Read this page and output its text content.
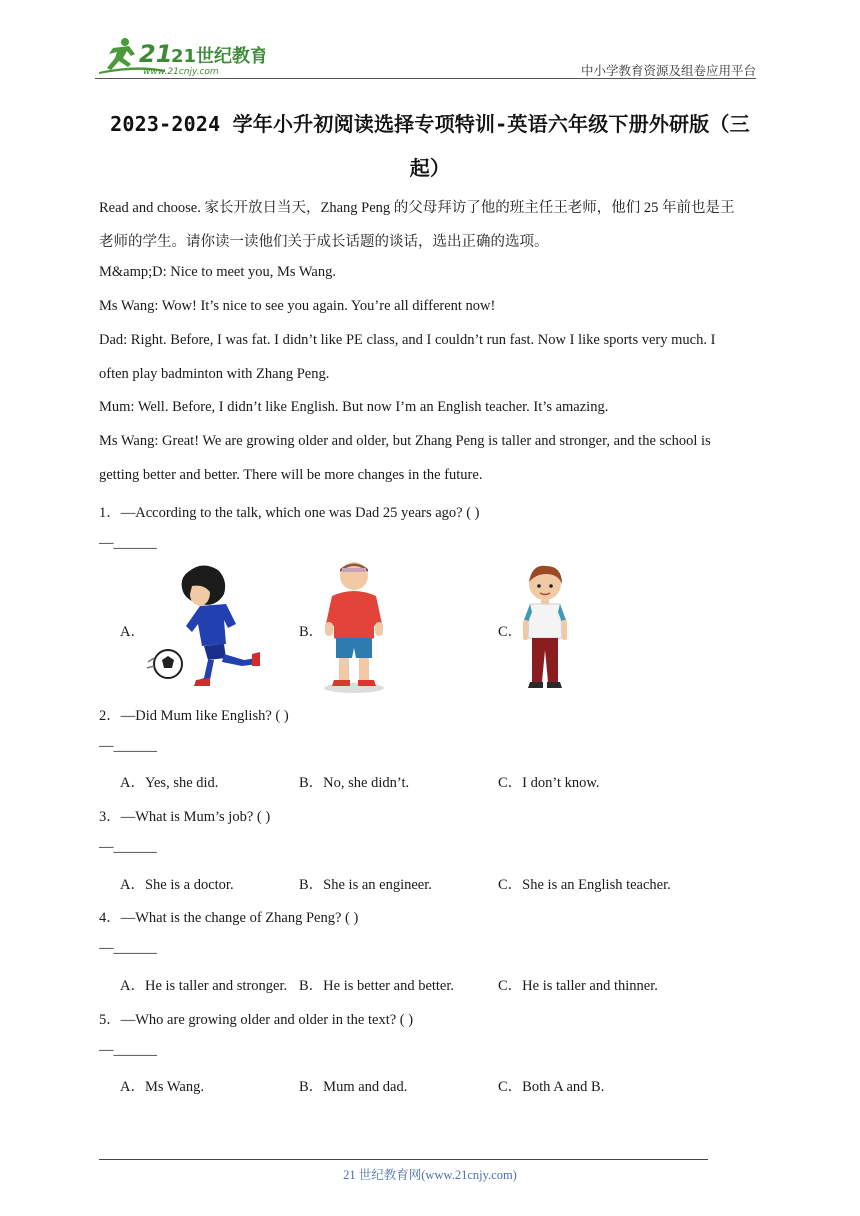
21
21世纪教育
www.21cnjy.com	中小学教育资源及组卷应用平台
2023-2024 学年小升初阅读选择专项特训-英语六年级下册外研版（三
起）
Read and choose. 家长开放日当天，Zhang Peng 的父母拜访了他的班主任王老师，他们 25 年前也是王
老师的学生。请你读一读他们关于成长话题的谈话，选出正确的选项。
M&amp;D: Nice to meet you, Ms Wang.
Ms Wang: Wow! It’s nice to see you again. You’re all different now!
Dad: Right. Before, I was fat. I didn’t like PE class, and I couldn’t run fast. Now I like sports very much. I
often play badminton with Zhang Peng.
Mum: Well. Before, I didn’t like English. But now I’m an English teacher. It’s amazing.
Ms Wang: Great! We are growing older and older, but Zhang Peng is taller and stronger, and the school is
getting better and better. There will be more changes in the future.
1．—According to the talk, which one was Dad 25 years ago? ( )
—______
A．	B．	C．
2．—Did Mum like English? ( )
—______
A．Yes, she did.	B．No, she didn’t.	C．I don’t know.
3．—What is Mum’s job? ( )
—______
A．She is a doctor.	B．She is an engineer.	C．She is an English teacher.
4．—What is the change of Zhang Peng? ( )
—______
A．He is taller and stronger. B．He is better and better.	C．He is taller and thinner.
5．—Who are growing older and older in the text? ( )
—______
A．Ms Wang.	B．Mum and dad.	C．Both A and B.
21 世纪教育网(www.21cnjy.com)
